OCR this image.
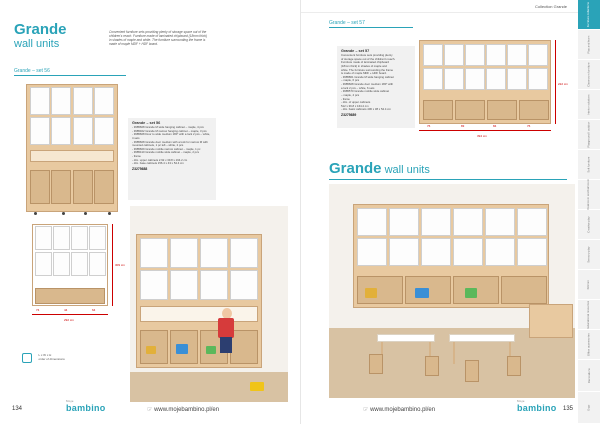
Grande
wall units
Convenient furniture sets providing plenty of storage space out of the children's reach. Furniture made of laminated chipboard (18mm thick) in shades of maple and white. The furniture surrounding the frame is made of maple MDF + HDF board.
Grande – set 56
Grande – set 56
- 3985608 Grande M wide hanging cabinet – maple, 4 pcs
- 3985402 Grande M narrow hanging cabinet – maple, 3 pcs
- 3985608 Door to wide medium 180° with a lock 2 pcs – white, 4 sets
- 3985608 Grande door medium with a lock for narrow M with mounted cabinets, 1 pc left – white, 2 pcs
- 3985609 Grande mobile narrow cabinet – maple, 1 pc
- 3985410 Grande mobile wide cabinet – maple, 2 pcs
- frame
- dim. upper cabinets 2.92 x 39.8 x 164.2 cm
- dim. base cabinets 156.4 x 43 x 54.4 cm
Z3275688
309 cm
74	44	64
292 cm
L x W x H
order of dimensions
134
Moje
bambino	☞ www.mojebambino.pl/en
Collection Grande
Grande – set 57
Grande – set 57
Convenient furniture sets providing plenty
of storage space out of the children's reach.
Furniture made of laminated chipboard
(18mm thick) in shades of maple and
white. The furniture surrounding the frame
is made of maple MDF + HDF board.
- 3985801 Grande M wide hanging cabinet
– maple, 6 pcs
- 3985608 Grande door medium 180° with
a lock 2 pcs – white, 6 sets
- 3985570 Grande mobile wide cabinet
– maple, 4 pcs
- frame
- dim. of upper cabinets
512 x 39.8 x 164.2 cm
- dim. basic cabinets 406 x 38 x 54.4 cm
Z3275689
222 cm
76	83	84	76
394 cm
Grande wall units
☞ www.mojebambino.pl/en
Moje
bambino 135
Furniture collections
Play and learn
Classroom furniture
Interior solutions
Playground / outdoor
Soft furniture
Cloakroom and bathroom
Creative play
Sensory play
Kitchen
Educational resources
Office accessories
Decorations
Ergo
